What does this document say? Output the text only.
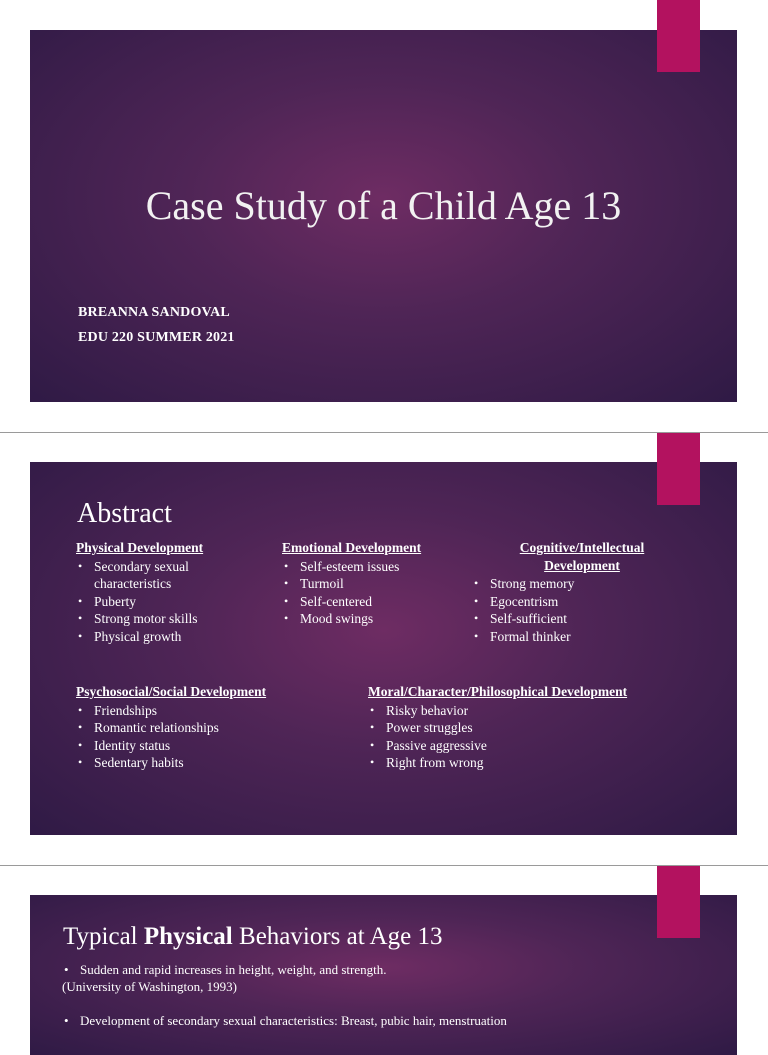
Case Study of a Child Age 13

BREANNA SANDOVAL

EDU 220 SUMMER 2021

Abstract

Physical Development

• Secondary sexual characteristics
• Puberty
• Strong motor skills
• Physical growth

Emotional Development

• Self-esteem issues
• Turmoil
• Self-centered
• Mood swings

Cognitive/Intellectual Development

• Strong memory
• Egocentrism
• Self-sufficient
• Formal thinker

Psychosocial/Social Development

• Friendships
• Romantic relationships
• Identity status
• Sedentary habits

Moral/Character/Philosophical Development

• Risky behavior
• Power struggles
• Passive aggressive
• Right from wrong
Typical Physical Behaviors at Age 13

• Sudden and rapid increases in height, weight, and strength.
(University of Washington, 1993)

• Development of secondary sexual characteristics: Breast, pubic hair, menstruation
